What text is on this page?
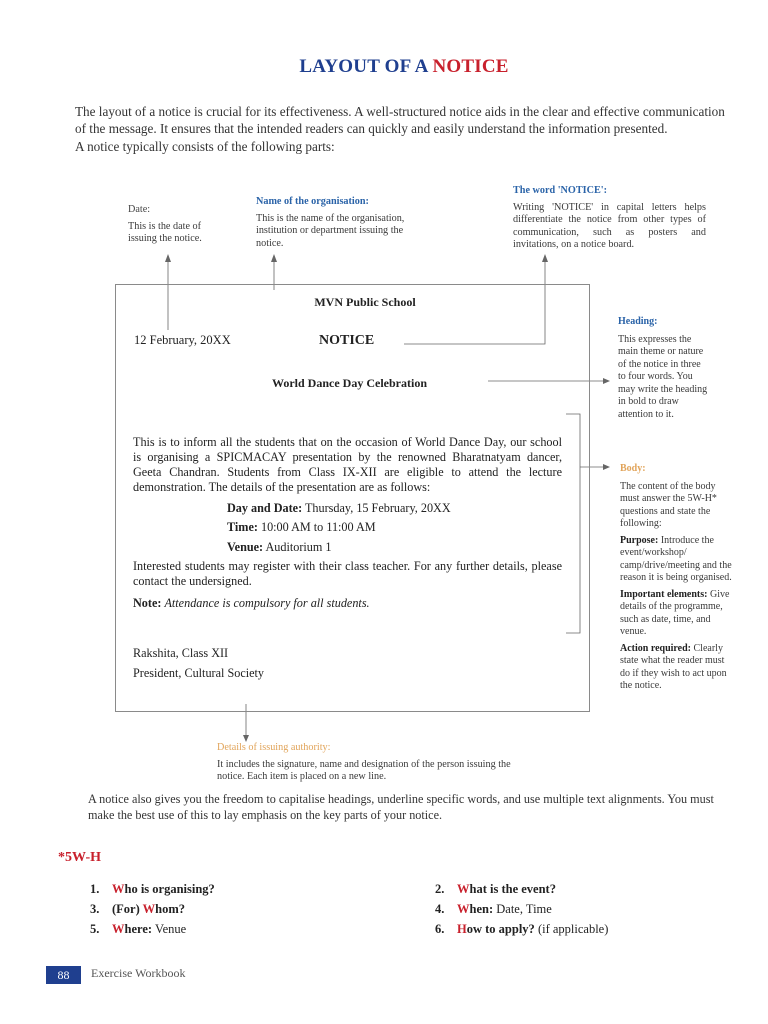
LAYOUT OF A NOTICE

The layout of a notice is crucial for its effectiveness. A well-structured notice aids in the clear and effective communication of the message. It ensures that the intended readers can quickly and easily understand the information presented.

A notice typically consists of the following parts:

Date:
This is the date of issuing the notice.
Name of the organisation:
This is the name of the organisation, institution or department issuing the notice.
The word 'NOTICE':
Writing 'NOTICE' in capital letters helps differentiate the notice from other types of communication, such as posters and invitations, on a notice board.
MVN Public School
12 February, 20XX	NOTICE
World Dance Day Celebration
This is to inform all the students that on the occasion of World Dance Day, our school is organising a SPICMACAY presentation by the renowned Bharatnatyam dancer, Geeta Chandran. Students from Class IX-XII are eligible to attend the lecture demonstration. The details of the presentation are as follows:
Day and Date: Thursday, 15 February, 20XX
Time: 10:00 AM to 11:00 AM
Venue: Auditorium 1
Interested students may register with their class teacher. For any further details, please contact the undersigned.
Note: Attendance is compulsory for all students.
Rakshita, Class XII
President, Cultural Society
Heading:
This expresses the main theme or nature of the notice in three to four words. You may write the heading in bold to draw attention to it.
Body:
The content of the body must answer the 5W-H* questions and state the following:
Purpose: Introduce the event/workshop/ camp/drive/meeting and the reason it is being organised.
Important elements: Give details of the programme, such as date, time, and venue.
Action required: Clearly state what the reader must do if they wish to act upon the notice.
Details of issuing authority:
It includes the signature, name and designation of the person issuing the notice. Each item is placed on a new line.
A notice also gives you the freedom to capitalise headings, underline specific words, and use multiple text alignments. You must make the best use of this to lay emphasis on the key parts of your notice.
*5W-H
1. Who is organising?	2. What is the event?
3. (For) Whom?	4. When: Date, Time
5. Where: Venue	6. How to apply? (if applicable)
88	Exercise Workbook
